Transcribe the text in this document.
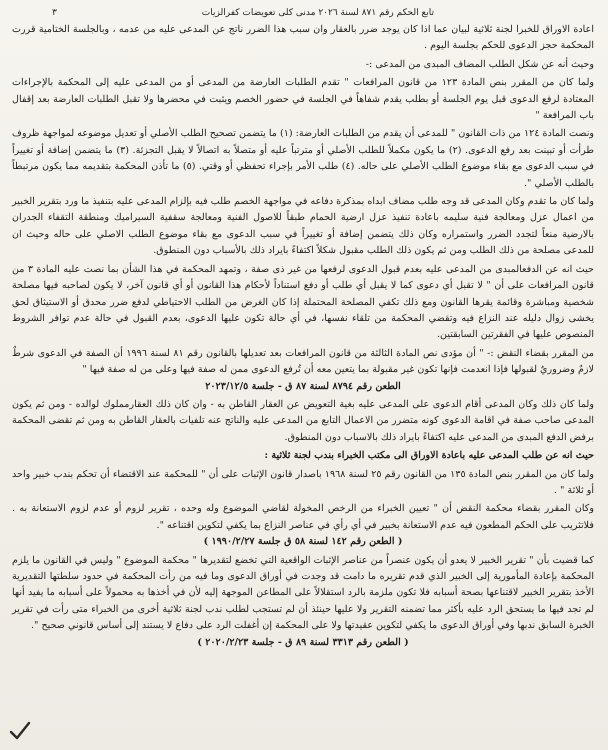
تابع الحكم رقم ٨٧١ لسنة ٢٠٢٦ مدنى كلى تعويضات كفرالزيات
٣

اعادة الاوراق للخبرا لجنة ثلاثية لبيان عما اذا كان يوجد ضرر بالعقار وان سبب هذا الضرر ناتج عن المدعى عليه من عدمه ، وبالجلسة الختامية قررت المحكمة حجز الدعوى للحكم بجلسة اليوم .

وحيث أنه عن شكل الطلب المضاف المبدى من المدعى :-

ولما كان من المقرر بنص المادة ١٢٣ من قانون المرافعات " تقدم الطلبات العارضة من المدعى أو من المدعى عليه إلى المحكمة بالإجراءات المعتادة لرفع الدعوى قبل يوم الجلسة أو بطلب يقدم شفاهاً في الجلسة في حضور الخصم ويثبت في محضرها ولا تقبل الطلبات العارضة بعد إقفال باب المرافعة "

ونصت المادة ١٢٤ من ذات القانون " للمدعى أن يقدم من الطلبات العارضة: (١) ما يتضمن تصحيح الطلب الأصلي أو تعديل موضوعه لمواجهة ظروف طرأت أو تبينت بعد رفع الدعوى. (٢) ما يكون مكملاً للطلب الأصلي أو مترتباً عليه أو متصلاً به اتصالاً لا يقبل التجزئة. (٣) ما يتضمن إضافة أو تغييراً في سبب الدعوى مع بقاء موضوع الطلب الأصلي على حاله. (٤) طلب الأمر بإجراء تحفظي أو وقتي. (٥) ما تأذن المحكمة بتقديمه مما يكون مرتبطاً بالطلب الأصلي ".

ولما كان ما تقدم وكان المدعى قد وجه طلب مضاف ابداه بمذكرة دفاعه في مواجهة الخصم طلب فيه بإلزام المدعى عليه بتنفيذ ما ورد بتقرير الخبير من اعمال عزل ومعالجة فنية سليمه باعادة تنفيذ عزل ارضية الحمام طبقاً للاصول الفنية ومعالجة سقفية السيراميك ومنطقة التقفاء الجدران بالارضية منعاً لتجدد الضرر واستمراره وكان ذلك يتضمن إضافة أو تغييراً في سبب الدعوى مع بقاء موضوع الطلب الاصلي على حاله وحيث ان للمدعى مصلحة من ذلك الطلب ومن ثم يكون ذلك الطلب مقبول شكلاً اكتفاءً بايراد ذلك بالأسباب دون المنطوق.

حيث انه عن الدفعالمبدى من المدعى عليه بعدم قبول الدعوى لرفعها من غير ذى صفة ، وتمهد المحكمة في هذا الشأن بما نصت عليه المادة ٣ من قانون المرافعات على أن " لا تقبل أي دعوى كما لا يقبل أي طلب أو دفع استناداً لأحكام هذا القانون أو أي قانون آخر، لا يكون لصاحبه فيها مصلحة شخصية ومباشرة وقائمة يقرها القانون ومع ذلك تكفي المصلحة المحتملة إذا كان الغرض من الطلب الاحتياطي لدفع ضرر محدق أو الاستيثاق لحق يخشى زوال دليله عند النزاع فيه وتقضي المحكمة من تلقاء نفسها، في أي حالة تكون عليها الدعوى، بعدم القبول في حالة عدم توافر الشروط المنصوص عليها في الفقرتين السابقتين.

من المقرر بقضاء النقض :- " أن مؤدى نص المادة الثالثة من قانون المرافعات بعد تعديلها بالقانون رقم ٨١ لسنة ١٩٩٦ أن الصفة في الدعوى شرطٌ لازمٌ وضروريٌ لقبولها فإذا انعدمت فإنها تكون غير مقبولة بما يتعين معه أن تُرفع الدعوى ممن له صفة فيها وعلى من له صفة فيها "

الطعن رقم ٨٧٩٤ لسنة ٨٧ ق - جلسة ٢٠٢٣/١٢/٥

ولما كان ذلك وكان المدعى أقام الدعوى على المدعى عليه بغية التعويض عن العقار القاطن به - وان كان ذلك العقارمملوك لوالده - ومن ثم يكون المدعى صاحب صفة في اقامة الدعوى كونه متضرر من الاعمال التابع من المدعى عليه والناتج عنه تلفيات بالعقار القاطن به ومن ثم تقضى المحكمة برفض الدفع المبدى من المدعى عليه اكتفاءً بايراد ذلك بالاسباب دون المنطوق.

حيث انه عن طلب المدعى عليه باعادة الاوراق الى مكتب الخبراء بندب لجنة ثلاثية :

ولما كان من المقرر بنص المادة ١٣٥ من القانون رقم ٢٥ لسنة ١٩٦٨ باصدار قانون الإثبات على أن " للمحكمة عند الاقتضاء أن تحكم بندب خبير واحد أو ثلاثة " .

وكان المقرر بقضاء محكمة النقض أن " تعيين الخبراء من الرخص المخولة لقاضي الموضوع وله وحده ، تقرير لزوم أو عدم لزوم الاستعانة به . فلاتثريب على الحكم المطعون فيه عدم الاستعانة بخبير في أي رأي في عناصر النزاع بما يكفي لتكوين اقتناعه ".

( الطعن رقم ١٤٢ لسنة ٥٨ ق جلسة ١٩٩٠/٢/٢٧ )

كما قضيت بأن " تقرير الخبير لا يعدو أن يكون عنصراً من عناصر الإثبات الواقعية التي تخضع لتقديرها " محكمة الموضوع " وليس في القانون ما يلزم المحكمة بإعادة المأمورية إلى الخبير الذي قدم تقريره ما دامت قد وجدت في أوراق الدعوى وما فيه من رأت المحكمة في حدود سلطتها التقديرية الأخذ بتقرير الخبير لاقتناعها بصحة أسبابه فلا تكون ملزمة بالرد استقلالاً على المطاعن الموجهة إليه لأن في أخذها به محمولاً على أسبابه ما يفيد أنها لم تجد فيها ما يستحق الرد عليه بأكثر مما تضمنه التقرير ولا عليها حينئذ أن لم تستجب لطلب ندب لجنة ثلاثية أخرى من الخبراء متى رأت في تقرير الخبرة السابق ندبها وفي أوراق الدعوى ما يكفي لتكوين عقيدتها ولا على المحكمة إن أغفلت الرد على دفاع لا يستند إلى أساس قانوني صحيح ".

( الطعن رقم ٣٣١٣ لسنة ٨٩ ق - جلسة ٢٠٢٠/٢/٢٣ )
